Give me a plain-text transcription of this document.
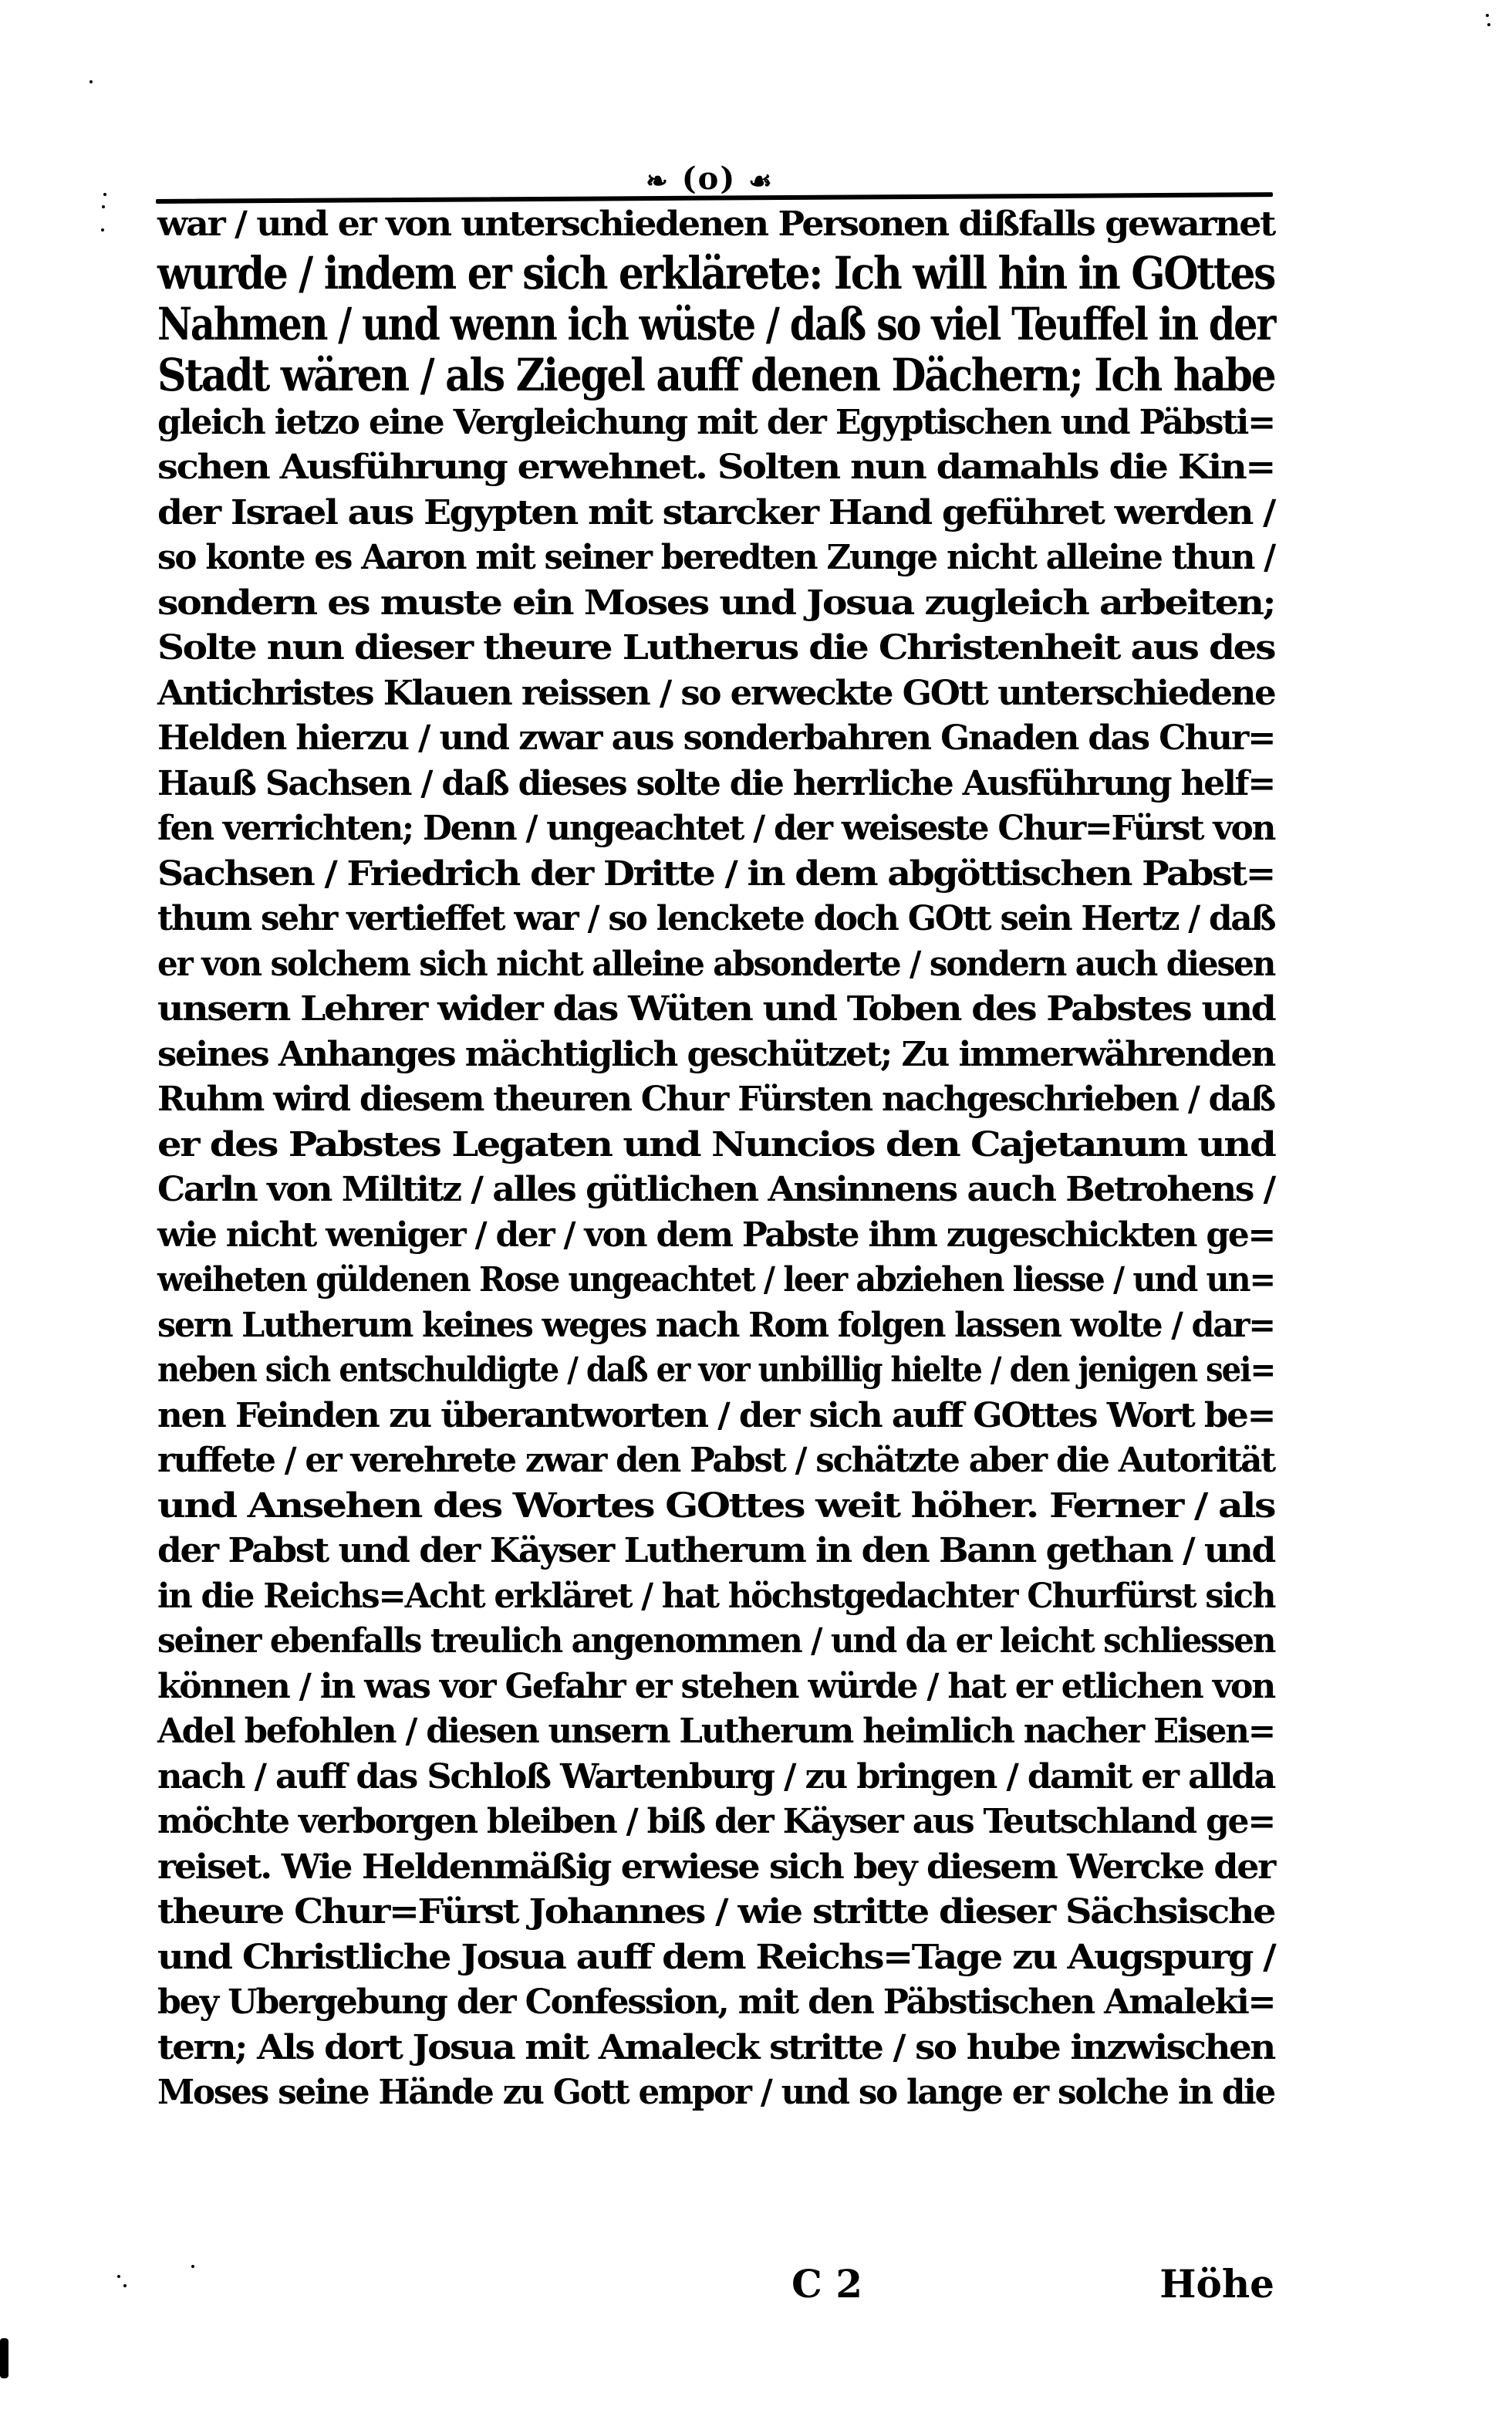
❧ (o) ☙
war / und er von unterschiedenen Personen dißfalls gewarnet
wurde / indem er sich erklärete: Ich will hin in GOttes
Nahmen / und wenn ich wüste / daß so viel Teuffel in der
Stadt wären / als Ziegel auff denen Dächern; Ich habe
gleich ietzo eine Vergleichung mit der Egyptischen und Päbsti=
schen Ausführung erwehnet. Solten nun damahls die Kin=
der Israel aus Egypten mit starcker Hand geführet werden /
so konte es Aaron mit seiner beredten Zunge nicht alleine thun /
sondern es muste ein Moses und Josua zugleich arbeiten;
Solte nun dieser theure Lutherus die Christenheit aus des
Antichristes Klauen reissen / so erweckte GOtt unterschiedene
Helden hierzu / und zwar aus sonderbahren Gnaden das Chur=
Hauß Sachsen / daß dieses solte die herrliche Ausführung helf=
fen verrichten; Denn / ungeachtet / der weiseste Chur=Fürst von
Sachsen / Friedrich der Dritte / in dem abgöttischen Pabst=
thum sehr vertieffet war / so lenckete doch GOtt sein Hertz / daß
er von solchem sich nicht alleine absonderte / sondern auch diesen
unsern Lehrer wider das Wüten und Toben des Pabstes und
seines Anhanges mächtiglich geschützet; Zu immerwährenden
Ruhm wird diesem theuren Chur Fürsten nachgeschrieben / daß
er des Pabstes Legaten und Nuncios den Cajetanum und
Carln von Miltitz / alles gütlichen Ansinnens auch Betrohens /
wie nicht weniger / der / von dem Pabste ihm zugeschickten ge=
weiheten güldenen Rose ungeachtet / leer abziehen liesse / und un=
sern Lutherum keines weges nach Rom folgen lassen wolte / dar=
neben sich entschuldigte / daß er vor unbillig hielte / den jenigen sei=
nen Feinden zu überantworten / der sich auff GOttes Wort be=
ruffete / er verehrete zwar den Pabst / schätzte aber die Autorität
und Ansehen des Wortes GOttes weit höher. Ferner / als
der Pabst und der Käyser Lutherum in den Bann gethan / und
in die Reichs=Acht erkläret / hat höchstgedachter Churfürst sich
seiner ebenfalls treulich angenommen / und da er leicht schliessen
können / in was vor Gefahr er stehen würde / hat er etlichen von
Adel befohlen / diesen unsern Lutherum heimlich nacher Eisen=
nach / auff das Schloß Wartenburg / zu bringen / damit er allda
möchte verborgen bleiben / biß der Käyser aus Teutschland ge=
reiset. Wie Heldenmäßig erwiese sich bey diesem Wercke der
theure Chur=Fürst Johannes / wie stritte dieser Sächsische
und Christliche Josua auff dem Reichs=Tage zu Augspurg /
bey Ubergebung der Confession, mit den Päbstischen Amaleki=
tern; Als dort Josua mit Amaleck stritte / so hube inzwischen
Moses seine Hände zu Gott empor / und so lange er solche in die
C 2	Höhe
